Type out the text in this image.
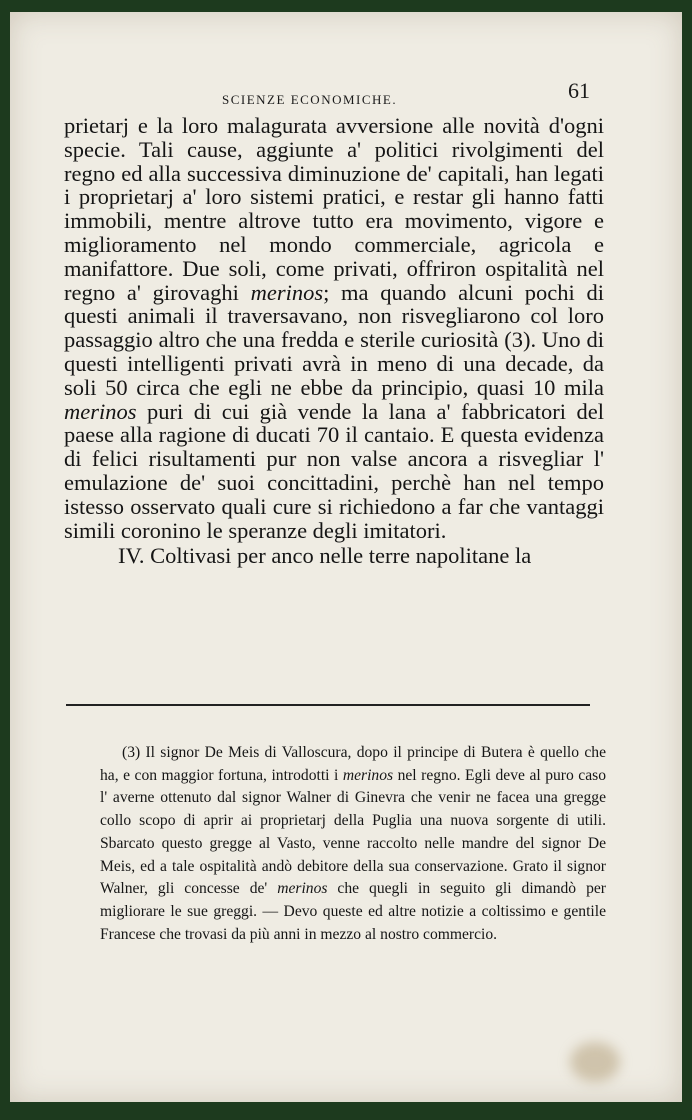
SCIENZE ECONOMICHE.	61

prietarj e la loro malagurata avversione alle novità d'ogni specie. Tali cause, aggiunte a' politici rivolgimenti del regno ed alla successiva diminuzione de' capitali, han legati i proprietarj a' loro sistemi pratici, e restar gli hanno fatti immobili, mentre altrove tutto era movimento, vigore e miglioramento nel mondo commerciale, agricola e manifattore. Due soli, come privati, offriron ospitalità nel regno a' girovaghi merinos; ma quando alcuni pochi di questi animali il traversavano, non risvegliarono col loro passaggio altro che una fredda e sterile curiosità (3). Uno di questi intelligenti privati avrà in meno di una decade, da soli 50 circa che egli ne ebbe da principio, quasi 10 mila merinos puri di cui già vende la lana a' fabbricatori del paese alla ragione di ducati 70 il cantaio. E questa evidenza di felici risultamenti pur non valse ancora a risvegliar l' emulazione de' suoi concittadini, perchè han nel tempo istesso osservato quali cure si richiedono a far che vantaggi simili coronino le speranze degli imitatori.

IV. Coltivasi per anco nelle terre napolitane la

(3) Il signor De Meis di Valloscura, dopo il principe di Butera è quello che ha, e con maggior fortuna, introdotti i merinos nel regno. Egli deve al puro caso l' averne ottenuto dal signor Walner di Ginevra che venir ne facea una gregge collo scopo di aprir ai proprietarj della Puglia una nuova sorgente di utili. Sbarcato questo gregge al Vasto, venne raccolto nelle mandre del signor De Meis, ed a tale ospitalità andò debitore della sua conservazione. Grato il signor Walner, gli concesse de' merinos che quegli in seguito gli dimandò per migliorare le sue greggi. — Devo queste ed altre notizie a coltissimo e gentile Francese che trovasi da più anni in mezzo al nostro commercio.
